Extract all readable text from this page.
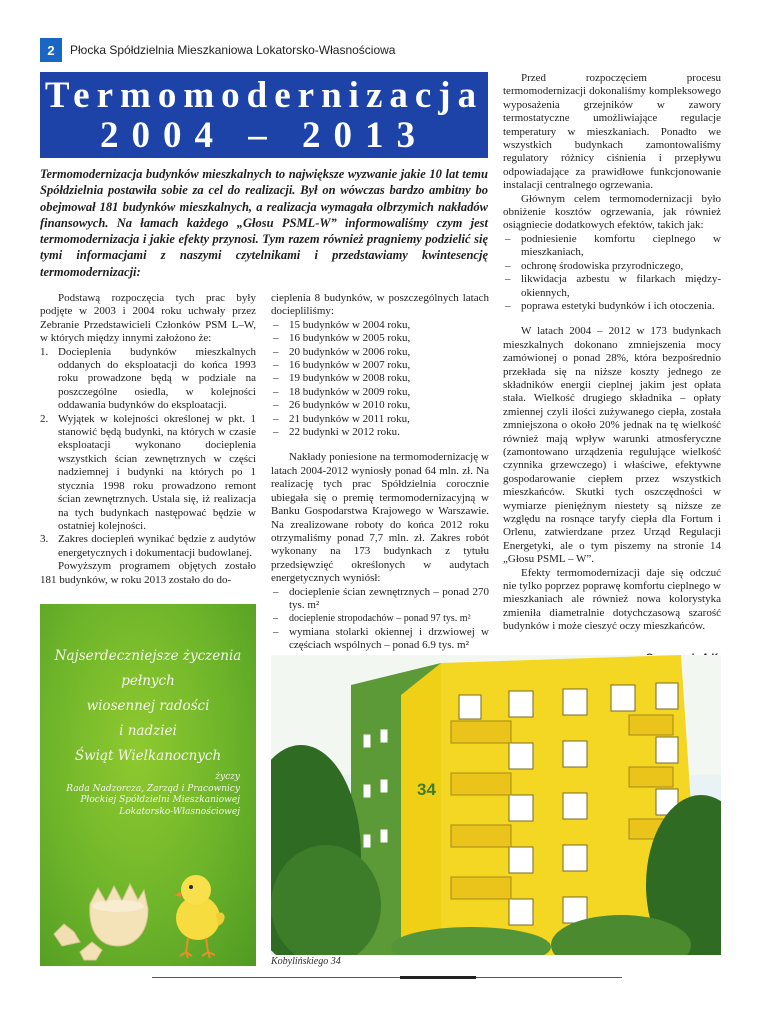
2	Płocka Spółdzielnia Mieszkaniowa Lokatorsko-Własnościowa
Termomodernizacja
2004 – 2013
Termomodernizacja budynków mieszkalnych to największe wyzwanie jakie 10 lat temu Spółdzielnia postawiła sobie za cel do realizacji. Był on wówczas bardzo ambitny bo obejmował 181 budynków mieszkalnych, a realizacja wymagała olbrzymich nakładów finansowych. Na łamach każdego „Głosu PSML-W” informowaliśmy czym jest termomodernizacja i jakie efekty przynosi. Tym razem również pragniemy podzielić się tymi informacjami z naszymi czytelnikami i przedstawiamy kwintesencję termomodernizacji:

Podstawą rozpoczęcia tych prac były podjęte w 2003 i 2004 roku uchwały przez Zebranie Przedstawicieli Członków PSM L–W, w których między innymi założono że:

1. Docieplenia budynków mieszkalnych oddanych do eksploatacji do końca 1993 roku prowadzone będą w podziale na poszczególne osiedla, w kolejności oddawania budynków do eksploatacji.
2. Wyjątek w kolejności określonej w pkt. 1 stanowić będą budynki, na których w czasie eksploatacji wykonano docieplenia wszystkich ścian zewnętrznych w części nadziemnej i budynki na których po 1 stycznia 1998 roku prowadzono remont ścian zewnętrznych. Ustala się, iż realizacja na tych budynkach następować będzie w ostatniej kolejności.
3. Zakres dociepleń wynikać będzie z audytów energetycznych i dokumentacji budowlanej.

Powyższym programem objętych zostało 181 budynków, w roku 2013 zostało do do-

cieplenia 8 budynków, w poszczególnych latach dociepliliśmy:

– 15 budynków w 2004 roku,
– 16 budynków w 2005 roku,
– 20 budynków w 2006 roku,
– 16 budynków w 2007 roku,
– 19 budynków w 2008 roku,
– 18 budynków w 2009 roku,
– 26 budynków w 2010 roku,
– 21 budynków w 2011 roku,
– 22 budynki w 2012 roku.

Nakłady poniesione na termomodernizację w latach 2004-2012 wyniosły ponad 64 mln. zł. Na realizację tych prac Spółdzielnia corocznie ubiegała się o premię termomodernizacyjną w Banku Gospodarstwa Krajowego w Warszawie. Na zrealizowane roboty do końca 2012 roku otrzymaliśmy ponad 7,7 mln. zł. Zakres robót wykonany na 173 budynkach z tytułu przedsięwzięć określonych w audytach energetycznych wyniósł:

– docieplenie ścian zewnętrznych – ponad 270 tys. m²
– docieplenie stropodachów – ponad 97 tys. m²
– wymiana stolarki okiennej i drzwiowej w częściach wspólnych – ponad 6.9 tys. m²

Przed rozpoczęciem procesu termomodernizacji dokonaliśmy kompleksowego wyposażenia grzejników w zawory termostatyczne umożliwiające regulacje temperatury w mieszkaniach. Ponadto we wszystkich budynkach zamontowaliśmy regulatory różnicy ciśnienia i przepływu odpowiadające za prawidłowe funkcjonowanie instalacji centralnego ogrzewania.

Głównym celem termomodernizacji było obniżenie kosztów ogrzewania, jak również osiągniecie dodatkowych efektów, takich jak:

– podniesienie komfortu cieplnego w mieszkaniach,
– ochronę środowiska przyrodniczego,
– likwidacja azbestu w filarkach między-okiennych,
– poprawa estetyki budynków i ich otoczenia.

W latach 2004 – 2012 w 173 budynkach mieszkalnych dokonano zmniejszenia mocy zamówionej o ponad 28%, która bezpośrednio przekłada się na niższe koszty jednego ze składników energii cieplnej jakim jest opłata stała. Wielkość drugiego składnika – opłaty zmiennej czyli ilości zużywanego ciepła, została zmniejszona o około 20% jednak na tę wielkość również mają wpływ warunki atmosferyczne (zamontowano urządzenia regulujące wielkość czynnika grzewczego) i właściwe, efektywne gospodarowanie ciepłem przez wszystkich mieszkańców. Skutki tych oszczędności w wymiarze pieniężnym niestety są niższe ze względu na rosnące taryfy ciepła dla Fortum i Orlenu, zatwierdzane przez Urząd Regulacji Energetyki, ale o tym piszemy na stronie 14 „Głosu PSML – W”.

Efekty termomodernizacji daje się odczuć nie tylko poprzez poprawę komfortu cieplnego w mieszkaniach ale również nowa kolorystyka zmieniła diametralnie dotychczasową szarość budynków i może cieszyć oczy mieszkańców.

Najserdeczniejsze życzenia
pełnych
wiosennej radości
i nadziei
Świąt Wielkanocnych
życzy
Rada Nadzorcza, Zarząd i Pracownicy
Płockiej Spółdzielni Mieszkaniowej
Lokatorsko-Własnościowej
34
Kobylińskiego 34
